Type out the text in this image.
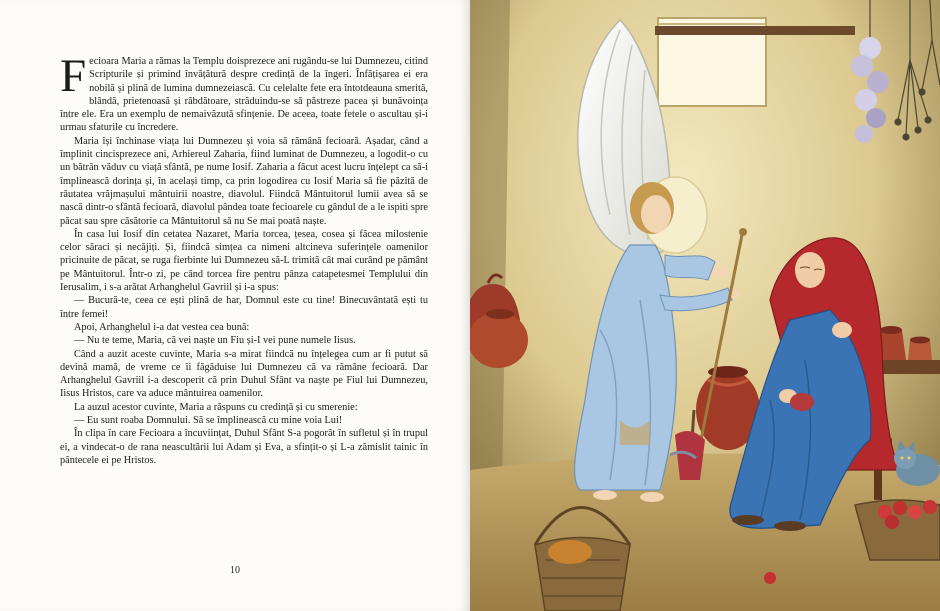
Fecioara Maria a rămas la Templu doisprezece ani rugându-se lui Dumnezeu, citind Scripturile și primind învățătură despre credință de la îngeri. Înfățișarea ei era nobilă și plină de lumina dumnezeiască. Cu celelalte fete era întotdeauna smerită, blândă, prietenoasă și răbdătoare, străduindu-se să păstreze pacea și bunăvoința între ele. Era un exemplu de nemaivăzută sfințenie. De aceea, toate fetele o ascultau și-i urmau sfaturile cu încredere.

Maria își închinase viața lui Dumnezeu și voia să rămână fecioară. Așadar, când a împlinit cincisprezece ani, Arhiereul Zaharia, fiind luminat de Dumnezeu, a logodit-o cu un bătrân văduv cu viață sfântă, pe nume Iosif. Zaharia a făcut acest lucru înțelept ca să-i împlinească dorința și, în același timp, ca prin logodirea cu Iosif Maria să fie păzită de răutatea vrăjmașului mântuirii noastre, diavolul. Fiindcă Mântuitorul lumii avea să se nască dintr-o sfântă fecioară, diavolul pândea toate fecioarele cu gândul de a le ispiti spre păcat sau spre căsătorie ca Mântuitorul să nu Se mai poată naște.

În casa lui Iosif din cetatea Nazaret, Maria torcea, țesea, cosea și făcea milostenie celor săraci și necăjiți. Și, fiindcă simțea ca nimeni altcineva suferințele oamenilor pricinuite de păcat, se ruga fierbinte lui Dumnezeu să-L trimită cât mai curând pe pământ pe Mântuitorul. Într-o zi, pe când torcea fire pentru pânza catapetesmei Templului din Ierusalim, i s-a arătat Arhanghelul Gavriil și i-a spus:

— Bucură-te, ceea ce ești plină de har, Domnul este cu tine! Binecuvântată ești tu între femei!

Apoi, Arhanghelul i-a dat vestea cea bună:

— Nu te teme, Maria, că vei naște un Fiu și-I vei pune numele Iisus.

Când a auzit aceste cuvinte, Maria s-a mirat fiindcă nu înțelegea cum ar fi putut să devină mamă, de vreme ce îi făgăduise lui Dumnezeu că va rămâne fecioară. Dar Arhanghelul Gavriil i-a descoperit că prin Duhul Sfânt va naște pe Fiul lui Dumnezeu, Iisus Hristos, care va aduce mântuirea oamenilor.

La auzul acestor cuvinte, Maria a răspuns cu credință și cu smerenie:

— Eu sunt roaba Domnului. Să se împlinească cu mine voia Lui!

În clipa în care Fecioara a încuviințat, Duhul Sfânt S-a pogorât în sufletul și în trupul ei, a vindecat-o de rana neascultării lui Adam și Eva, a sfințit-o și L-a zămislit tainic în pântecele ei pe Hristos.

10
